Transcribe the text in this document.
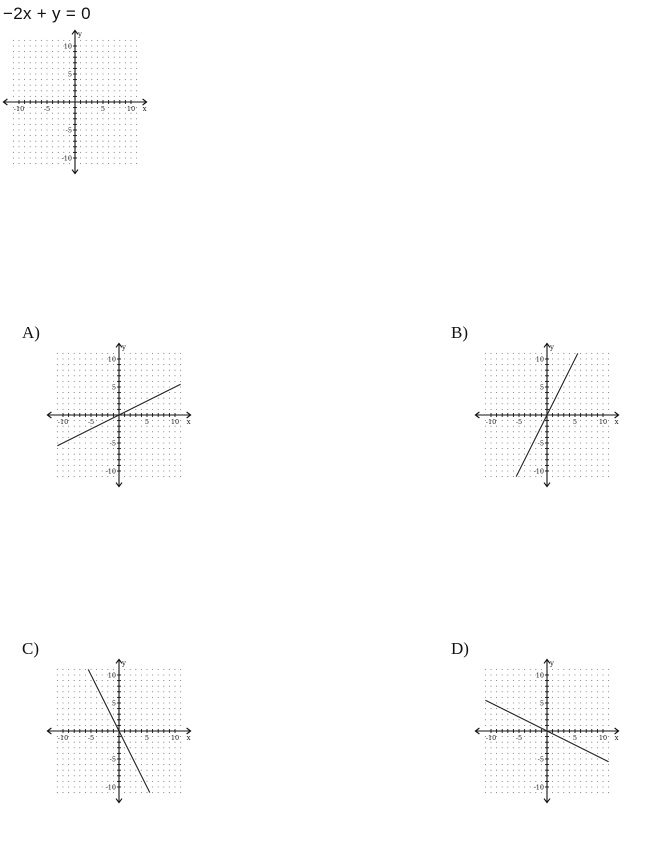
−2x + y = 0
-10	-5	5	10
10
5
-5
-10
x
y
A)
-10	-5	5	10
10
5
-5
-10
x
y
B)
-10	-5	5	10
10
5
-5
-10
x
y
C)
-10	-5	5	10
10
5
-5
-10
x
y
D)
-10	-5	5	10
10
5
-5
-10
x
y
